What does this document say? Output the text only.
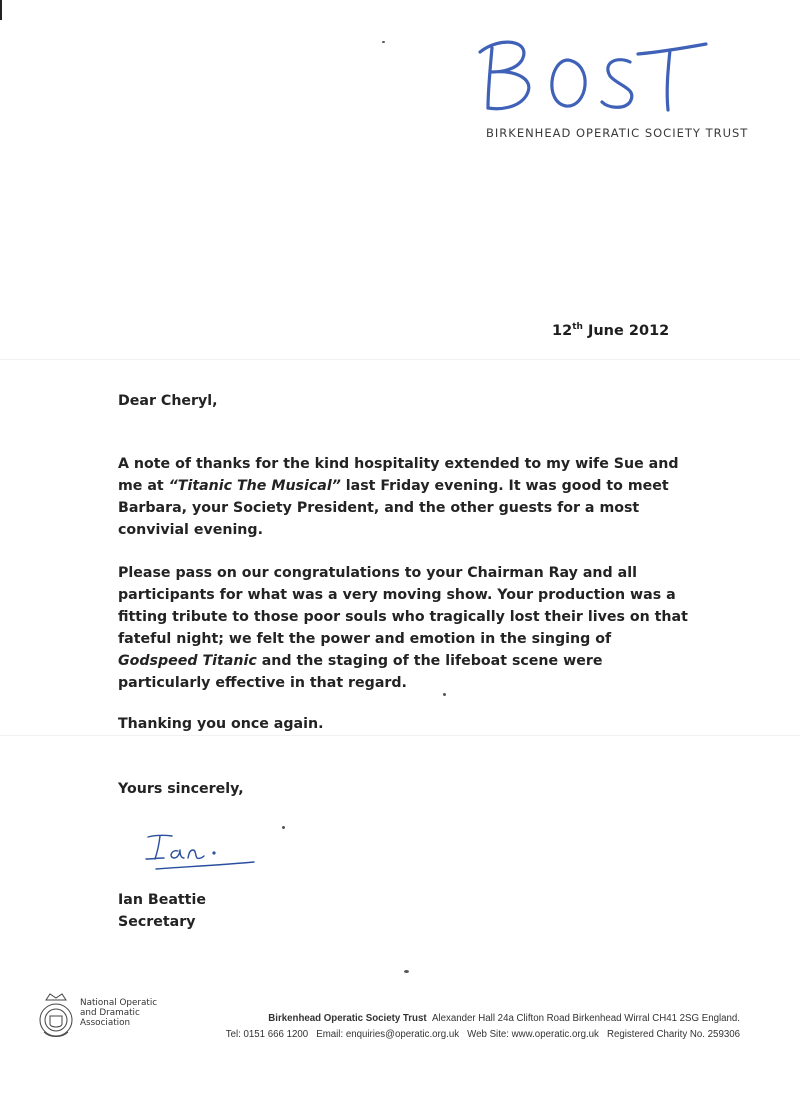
BIRKENHEAD OPERATIC SOCIETY TRUST
12th June 2012
Dear Cheryl,
A note of thanks for the kind hospitality extended to my wife Sue and me at “Titanic The Musical” last Friday evening. It was good to meet Barbara, your Society President, and the other guests for a most convivial evening.
Please pass on our congratulations to your Chairman Ray and all participants for what was a very moving show. Your production was a fitting tribute to those poor souls who tragically lost their lives on that fateful night; we felt the power and emotion in the singing of Godspeed Titanic and the staging of the lifeboat scene were particularly effective in that regard.
Thanking you once again.
Yours sincerely,
Ian Beattie
Secretary
National Operatic and Dramatic Association	Birkenhead Operatic Society Trust Alexander Hall 24a Clifton Road Birkenhead Wirral CH41 2SG England.
Tel: 0151 666 1200 Email: enquiries@operatic.org.uk Web Site: www.operatic.org.uk Registered Charity No. 259306
